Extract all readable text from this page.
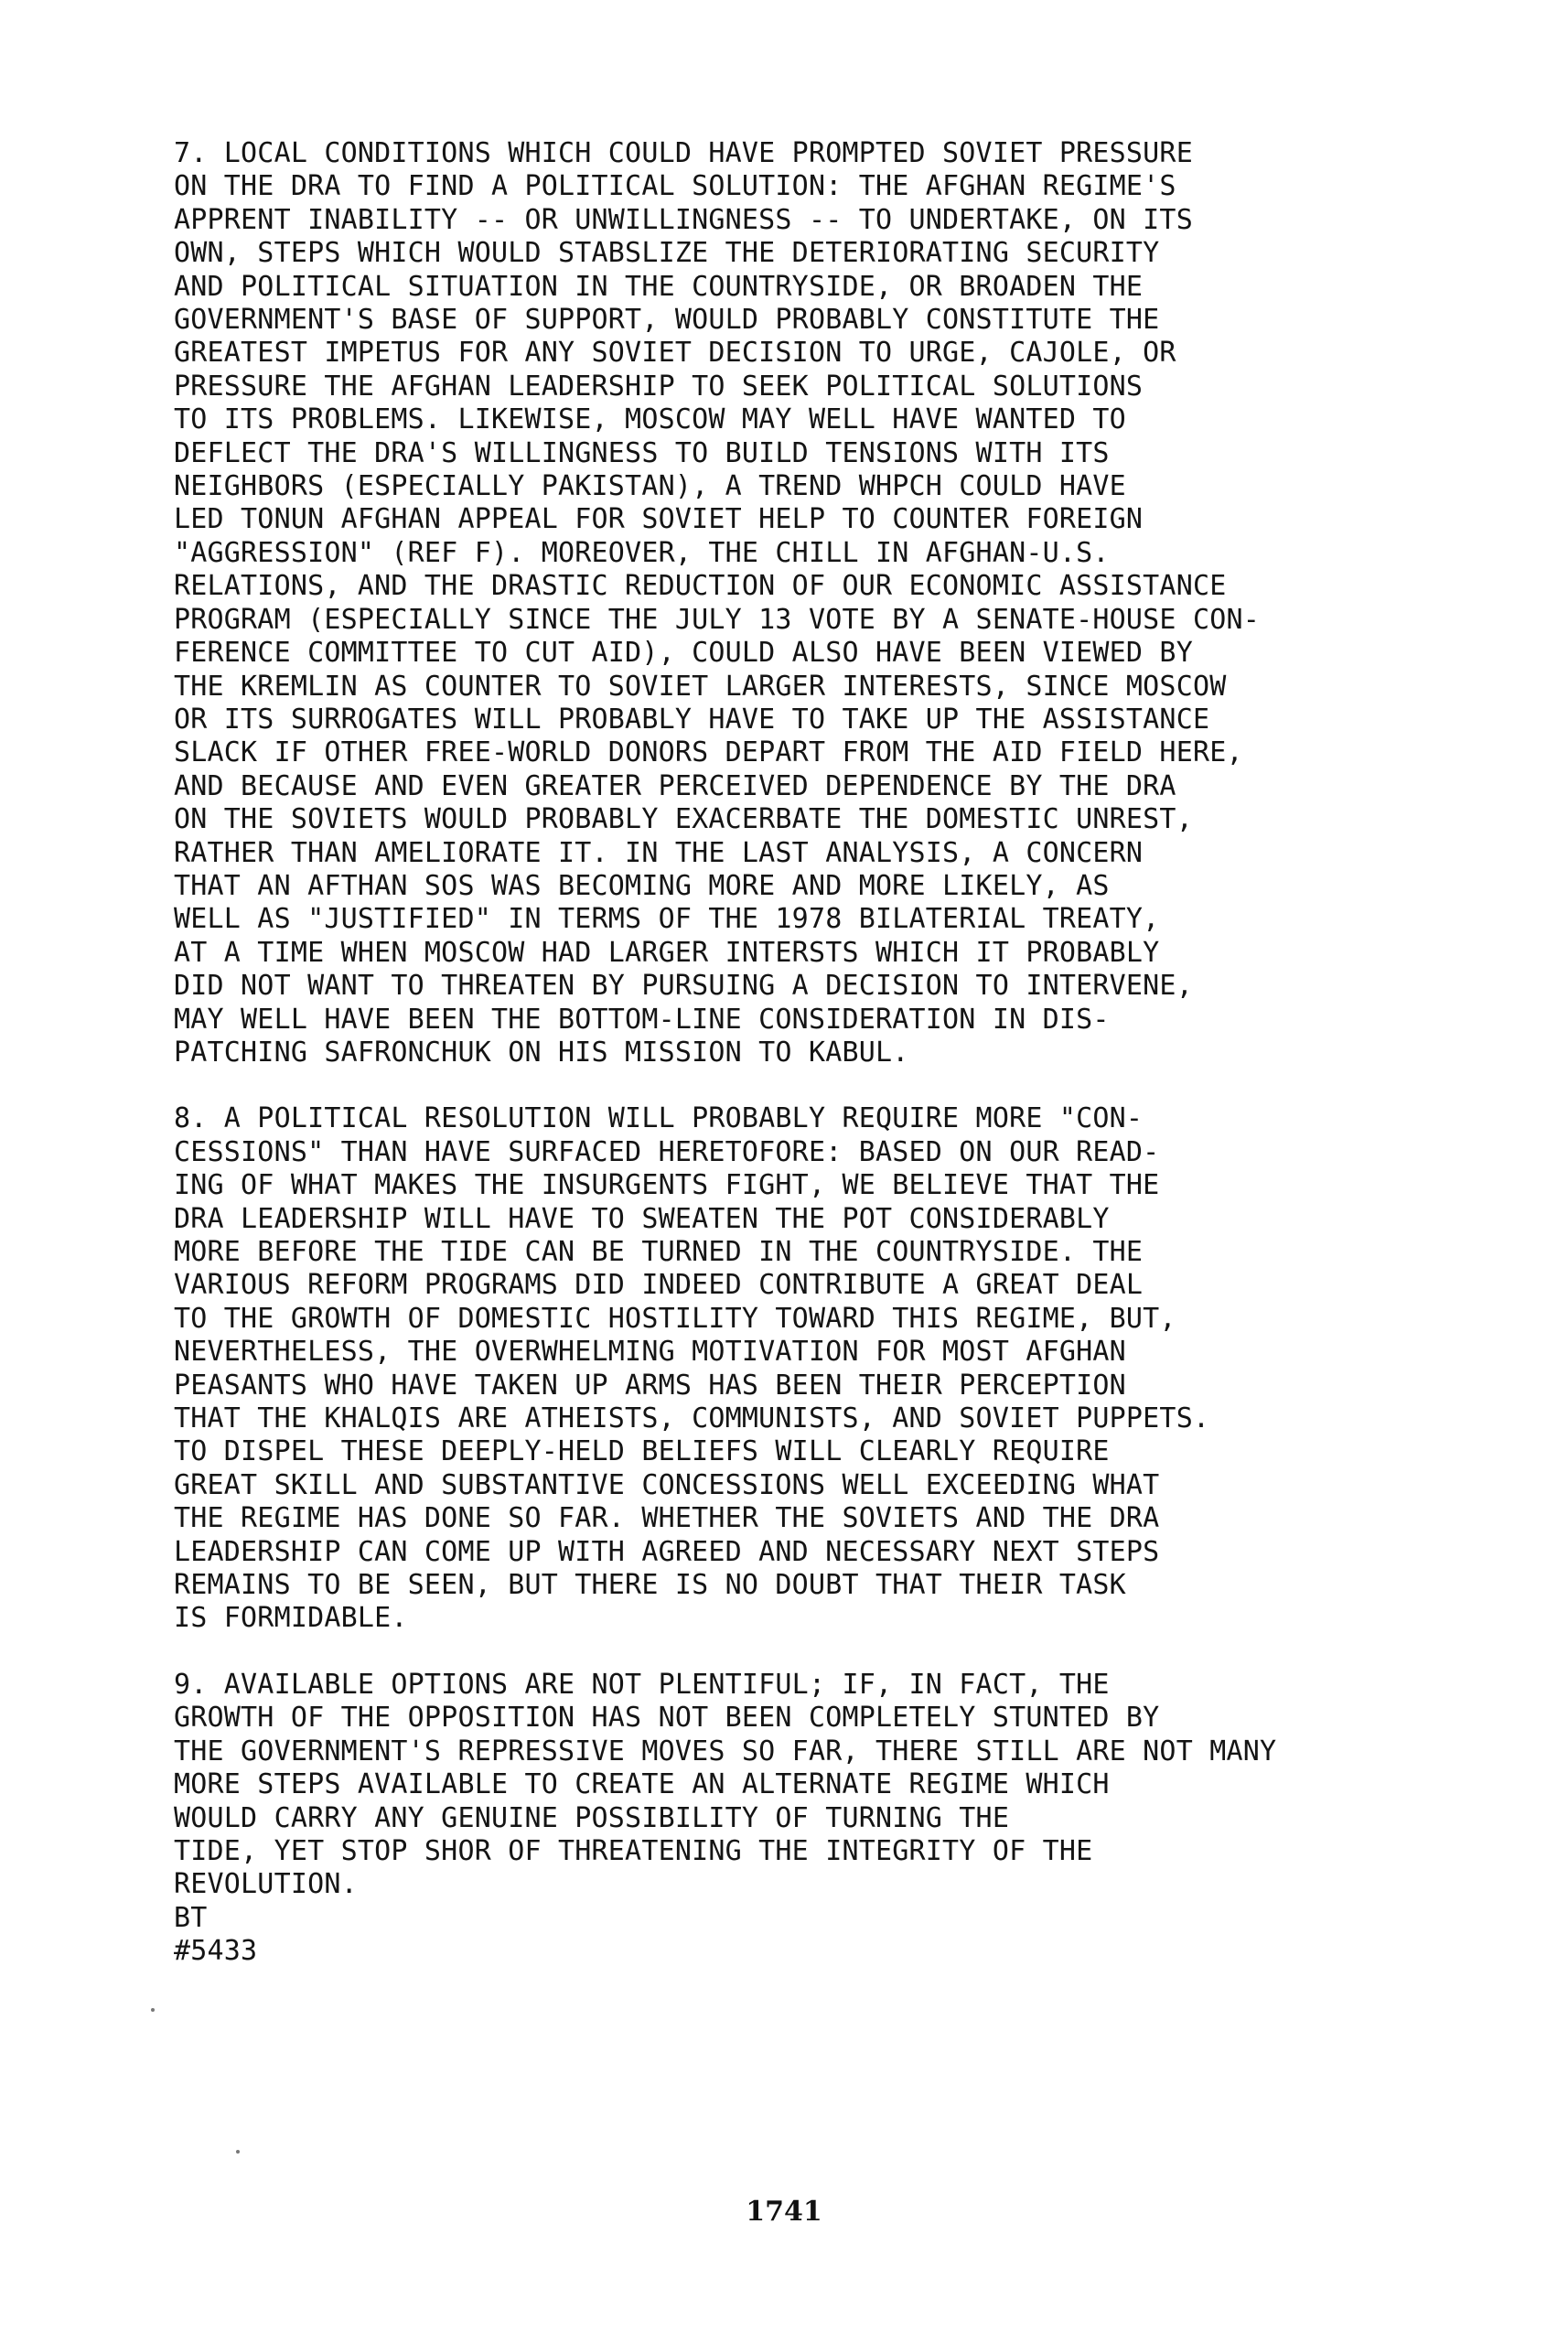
7. LOCAL CONDITIONS WHICH COULD HAVE PROMPTED SOVIET PRESSURE
ON THE DRA TO FIND A POLITICAL SOLUTION: THE AFGHAN REGIME'S
APPRENT INABILITY -- OR UNWILLINGNESS -- TO UNDERTAKE, ON ITS
OWN, STEPS WHICH WOULD STABSLIZE THE DETERIORATING SECURITY
AND POLITICAL SITUATION IN THE COUNTRYSIDE, OR BROADEN THE
GOVERNMENT'S BASE OF SUPPORT, WOULD PROBABLY CONSTITUTE THE
GREATEST IMPETUS FOR ANY SOVIET DECISION TO URGE, CAJOLE, OR
PRESSURE THE AFGHAN LEADERSHIP TO SEEK POLITICAL SOLUTIONS
TO ITS PROBLEMS. LIKEWISE, MOSCOW MAY WELL HAVE WANTED TO
DEFLECT THE DRA'S WILLINGNESS TO BUILD TENSIONS WITH ITS
NEIGHBORS (ESPECIALLY PAKISTAN), A TREND WHPCH COULD HAVE
LED TONUN AFGHAN APPEAL FOR SOVIET HELP TO COUNTER FOREIGN
"AGGRESSION" (REF F). MOREOVER, THE CHILL IN AFGHAN-U.S.
RELATIONS, AND THE DRASTIC REDUCTION OF OUR ECONOMIC ASSISTANCE
PROGRAM (ESPECIALLY SINCE THE JULY 13 VOTE BY A SENATE-HOUSE CON-
FERENCE COMMITTEE TO CUT AID), COULD ALSO HAVE BEEN VIEWED BY
THE KREMLIN AS COUNTER TO SOVIET LARGER INTERESTS, SINCE MOSCOW
OR ITS SURROGATES WILL PROBABLY HAVE TO TAKE UP THE ASSISTANCE
SLACK IF OTHER FREE-WORLD DONORS DEPART FROM THE AID FIELD HERE,
AND BECAUSE AND EVEN GREATER PERCEIVED DEPENDENCE BY THE DRA
ON THE SOVIETS WOULD PROBABLY EXACERBATE THE DOMESTIC UNREST,
RATHER THAN AMELIORATE IT. IN THE LAST ANALYSIS, A CONCERN
THAT AN AFTHAN SOS WAS BECOMING MORE AND MORE LIKELY, AS
WELL AS "JUSTIFIED" IN TERMS OF THE 1978 BILATERIAL TREATY,
AT A TIME WHEN MOSCOW HAD LARGER INTERSTS WHICH IT PROBABLY
DID NOT WANT TO THREATEN BY PURSUING A DECISION TO INTERVENE,
MAY WELL HAVE BEEN THE BOTTOM-LINE CONSIDERATION IN DIS-
PATCHING SAFRONCHUK ON HIS MISSION TO KABUL.
8. A POLITICAL RESOLUTION WILL PROBABLY REQUIRE MORE "CON-
CESSIONS" THAN HAVE SURFACED HERETOFORE: BASED ON OUR READ-
ING OF WHAT MAKES THE INSURGENTS FIGHT, WE BELIEVE THAT THE
DRA LEADERSHIP WILL HAVE TO SWEATEN THE POT CONSIDERABLY
MORE BEFORE THE TIDE CAN BE TURNED IN THE COUNTRYSIDE. THE
VARIOUS REFORM PROGRAMS DID INDEED CONTRIBUTE A GREAT DEAL
TO THE GROWTH OF DOMESTIC HOSTILITY TOWARD THIS REGIME, BUT,
NEVERTHELESS, THE OVERWHELMING MOTIVATION FOR MOST AFGHAN
PEASANTS WHO HAVE TAKEN UP ARMS HAS BEEN THEIR PERCEPTION
THAT THE KHALQIS ARE ATHEISTS, COMMUNISTS, AND SOVIET PUPPETS.
TO DISPEL THESE DEEPLY-HELD BELIEFS WILL CLEARLY REQUIRE
GREAT SKILL AND SUBSTANTIVE CONCESSIONS WELL EXCEEDING WHAT
THE REGIME HAS DONE SO FAR. WHETHER THE SOVIETS AND THE DRA
LEADERSHIP CAN COME UP WITH AGREED AND NECESSARY NEXT STEPS
REMAINS TO BE SEEN, BUT THERE IS NO DOUBT THAT THEIR TASK
IS FORMIDABLE.
9. AVAILABLE OPTIONS ARE NOT PLENTIFUL; IF, IN FACT, THE
GROWTH OF THE OPPOSITION HAS NOT BEEN COMPLETELY STUNTED BY
THE GOVERNMENT'S REPRESSIVE MOVES SO FAR, THERE STILL ARE NOT MANY
MORE STEPS AVAILABLE TO CREATE AN ALTERNATE REGIME WHICH
WOULD CARRY ANY GENUINE POSSIBILITY OF TURNING THE
TIDE, YET STOP SHOR OF THREATENING THE INTEGRITY OF THE
REVOLUTION.
BT
#5433
1741
